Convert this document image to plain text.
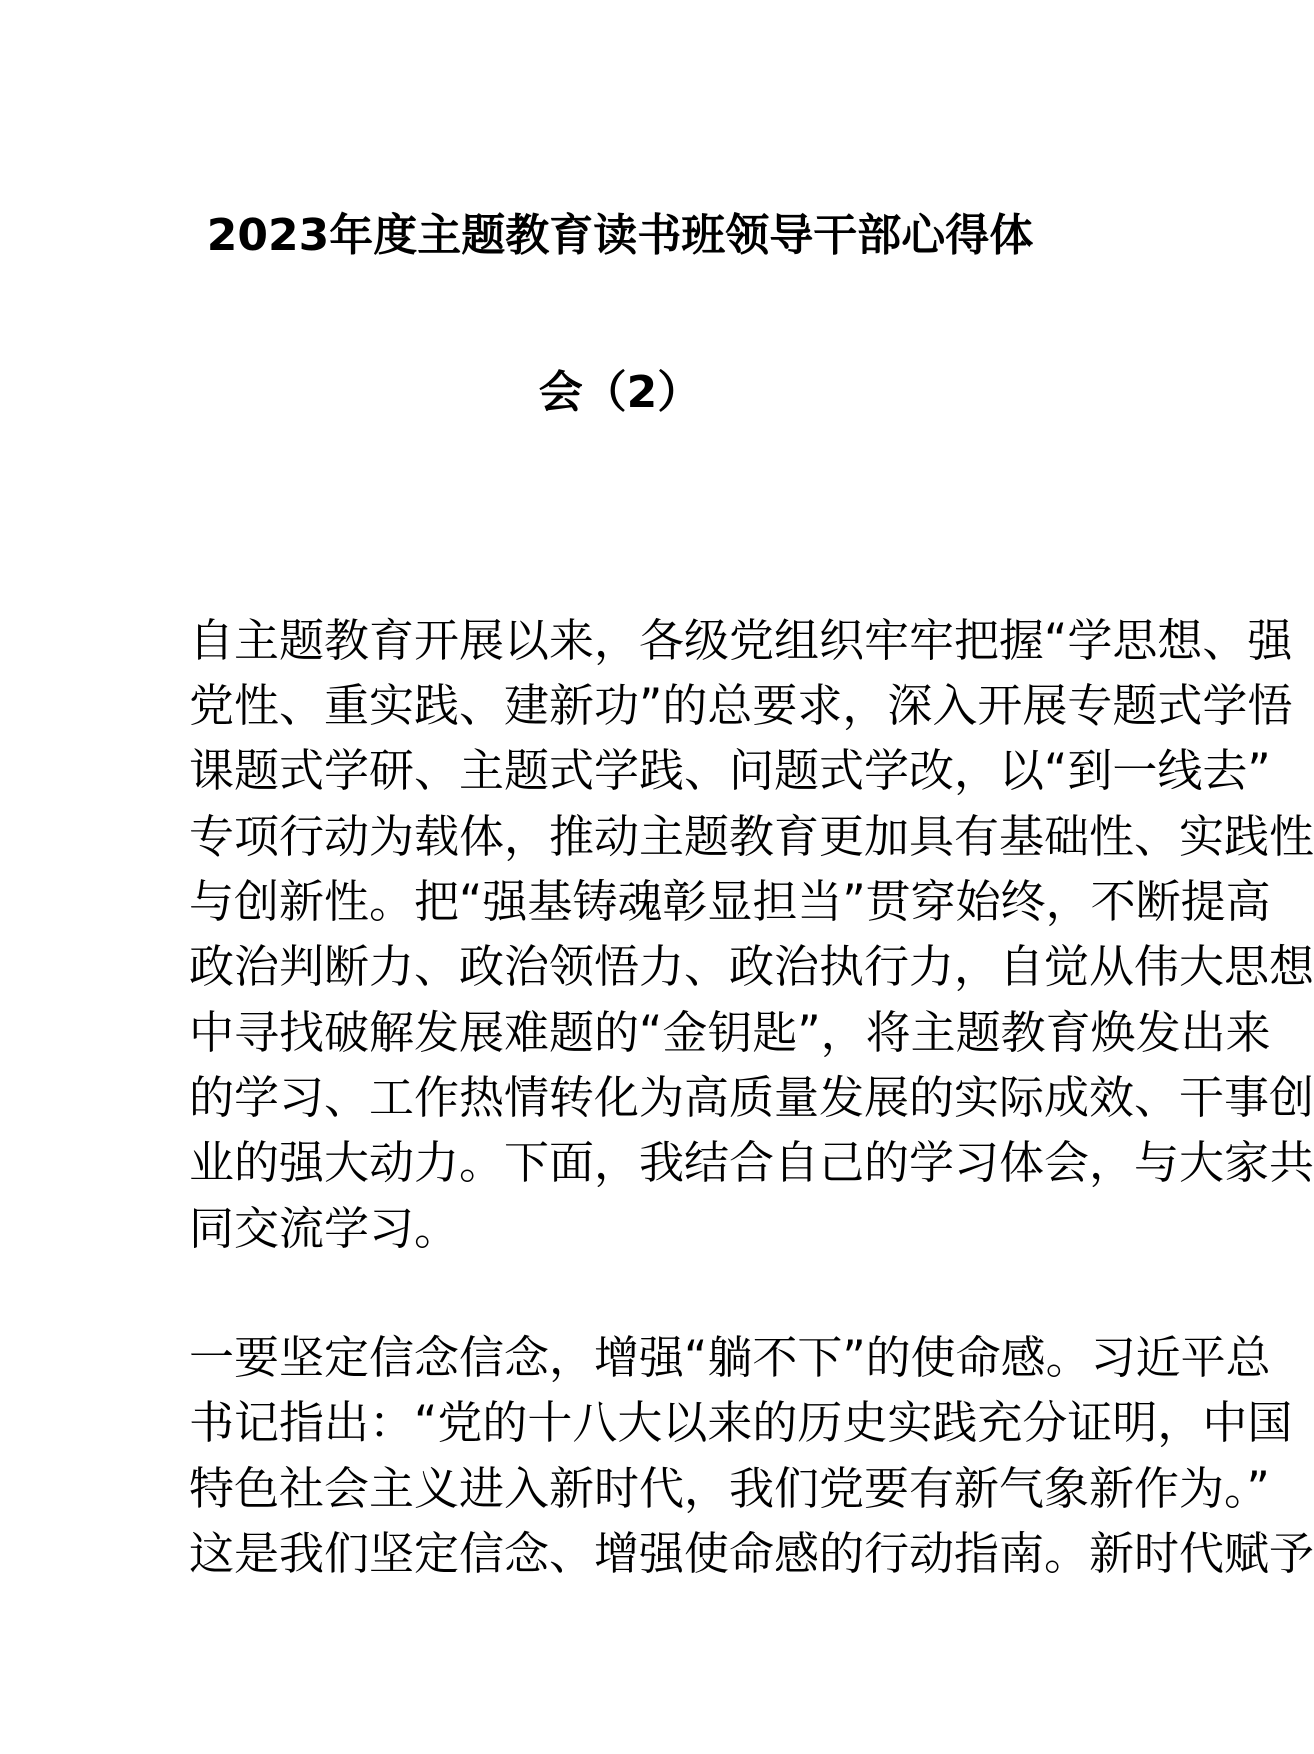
2023年度主题教育读书班领导干部心得体
会（2）
自主题教育开展以来，各级党组织牢牢把握“学思想、强
党性、重实践、建新功”的总要求，深入开展专题式学悟
课题式学研、主题式学践、问题式学改，以“到一线去”
专项行动为载体，推动主题教育更加具有基础性、实践性
与创新性。把“强基铸魂彰显担当”贯穿始终，不断提高
政治判断力、政治领悟力、政治执行力，自觉从伟大思想
中寻找破解发展难题的“金钥匙”，将主题教育焕发出来
的学习、工作热情转化为高质量发展的实际成效、干事创
业的强大动力。下面，我结合自己的学习体会，与大家共
同交流学习。
一要坚定信念信念，增强“躺不下”的使命感。习近平总
书记指出：“党的十八大以来的历史实践充分证明，中国
特色社会主义进入新时代，我们党要有新气象新作为。”
这是我们坚定信念、增强使命感的行动指南。新时代赋予
